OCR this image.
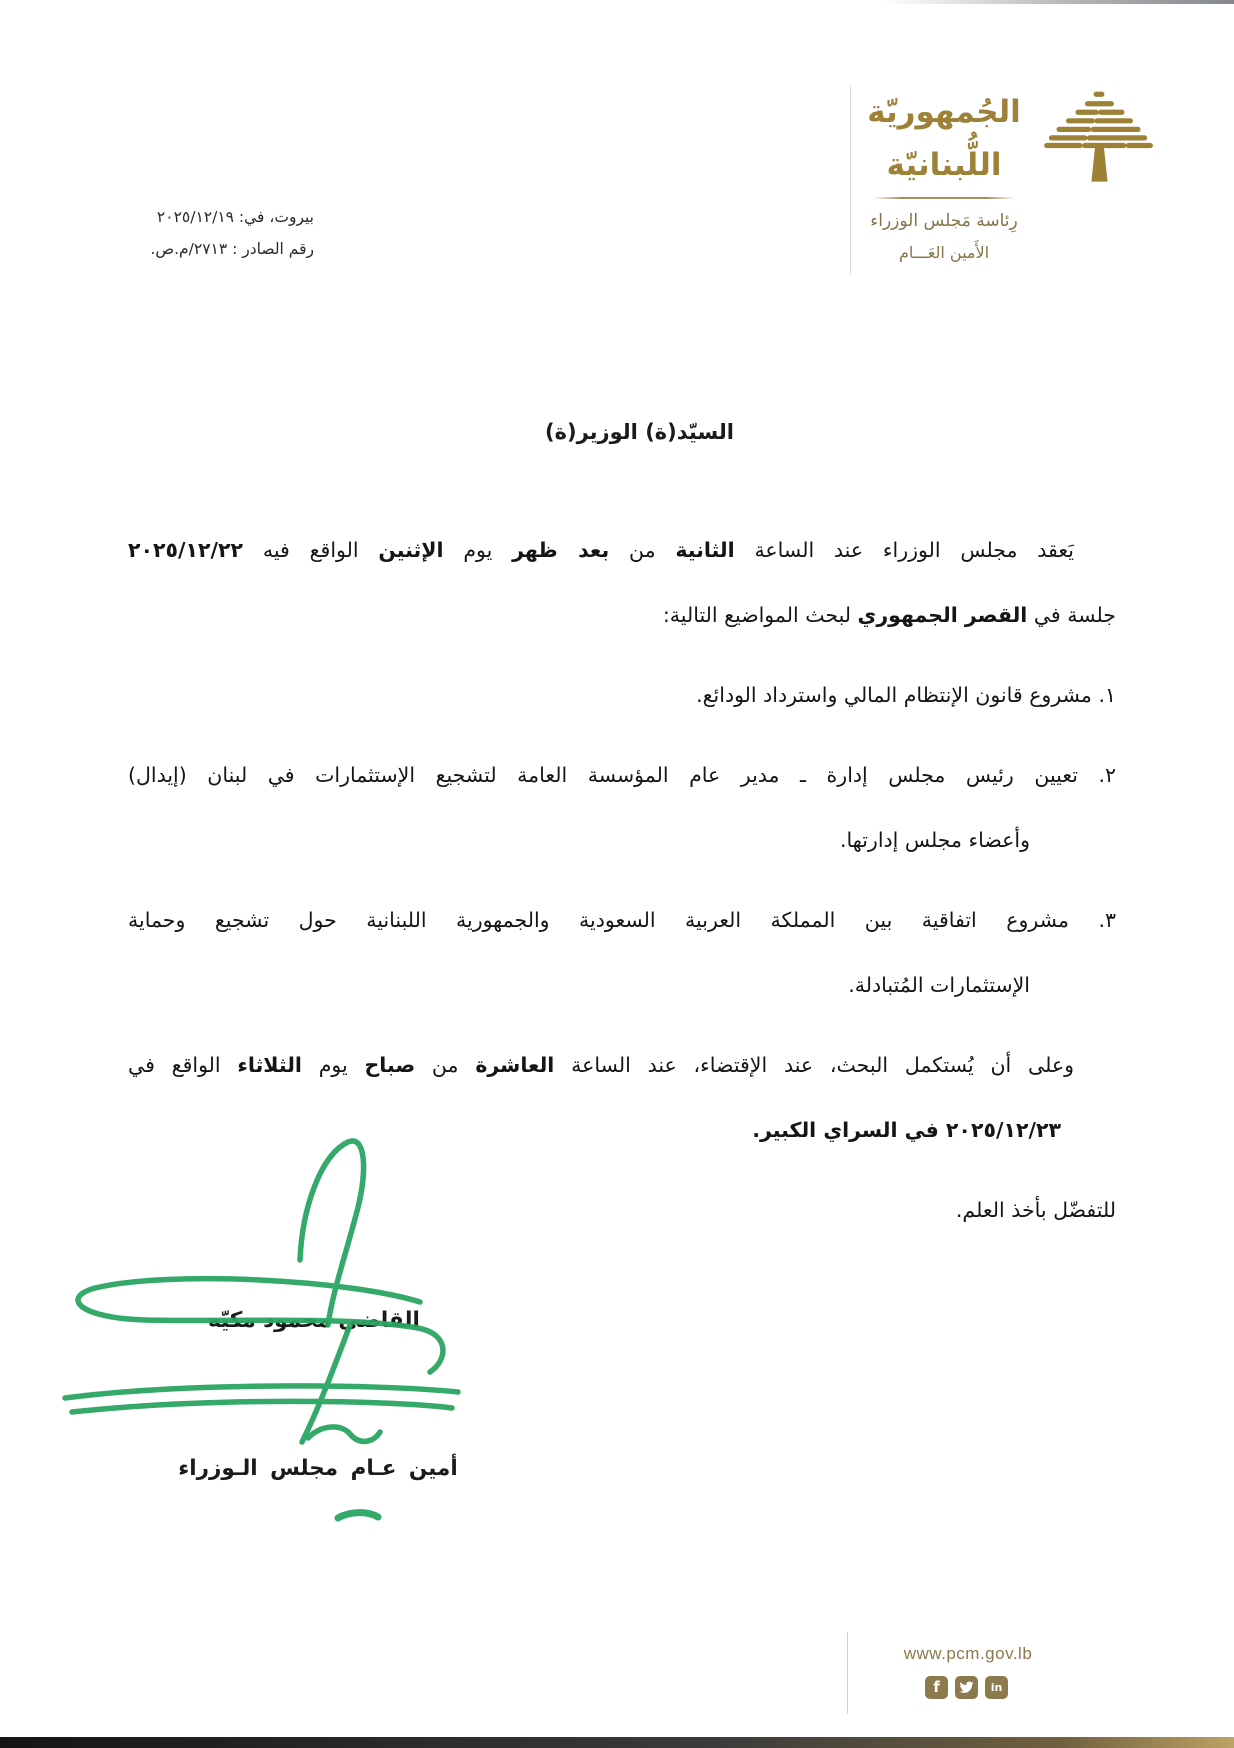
الجُمهوريّة
اللُّبنانيّة
رِئاسة مَجلس الوزراء
الأَمين العَـــام
بيروت، في: ٢٠٢٥/١٢/١٩
رقم الصادر : ٢٧١٣/م.ص.
السيّد(ة) الوزير(ة)
يَعقد مجلس الوزراء عند الساعة الثانية من بعد ظهر يوم الإثنين الواقع فيه ٢٠٢٥/١٢/٢٢
جلسة في القصر الجمهوري لبحث المواضيع التالية:
١. مشروع قانون الإنتظام المالي واسترداد الودائع.
٢. تعيين رئيس مجلس إدارة ـ مدير عام المؤسسة العامة لتشجيع الإستثمارات في لبنان (إيدال)
وأعضاء مجلس إدارتها.
٣. مشروع اتفاقية بين المملكة العربية السعودية والجمهورية اللبنانية حول تشجيع وحماية
الإستثمارات المُتبادلة.
وعلى أن يُستكمل البحث، عند الإقتضاء، عند الساعة العاشرة من صباح يوم الثلاثاء الواقع في
٢٠٢٥/١٢/٢٣ في السراي الكبير.
للتفضّل بأخذ العلم.
القاضي محمود مكيّه
أمين عـام مجلس الـوزراء
www.pcm.gov.lb
f	in
